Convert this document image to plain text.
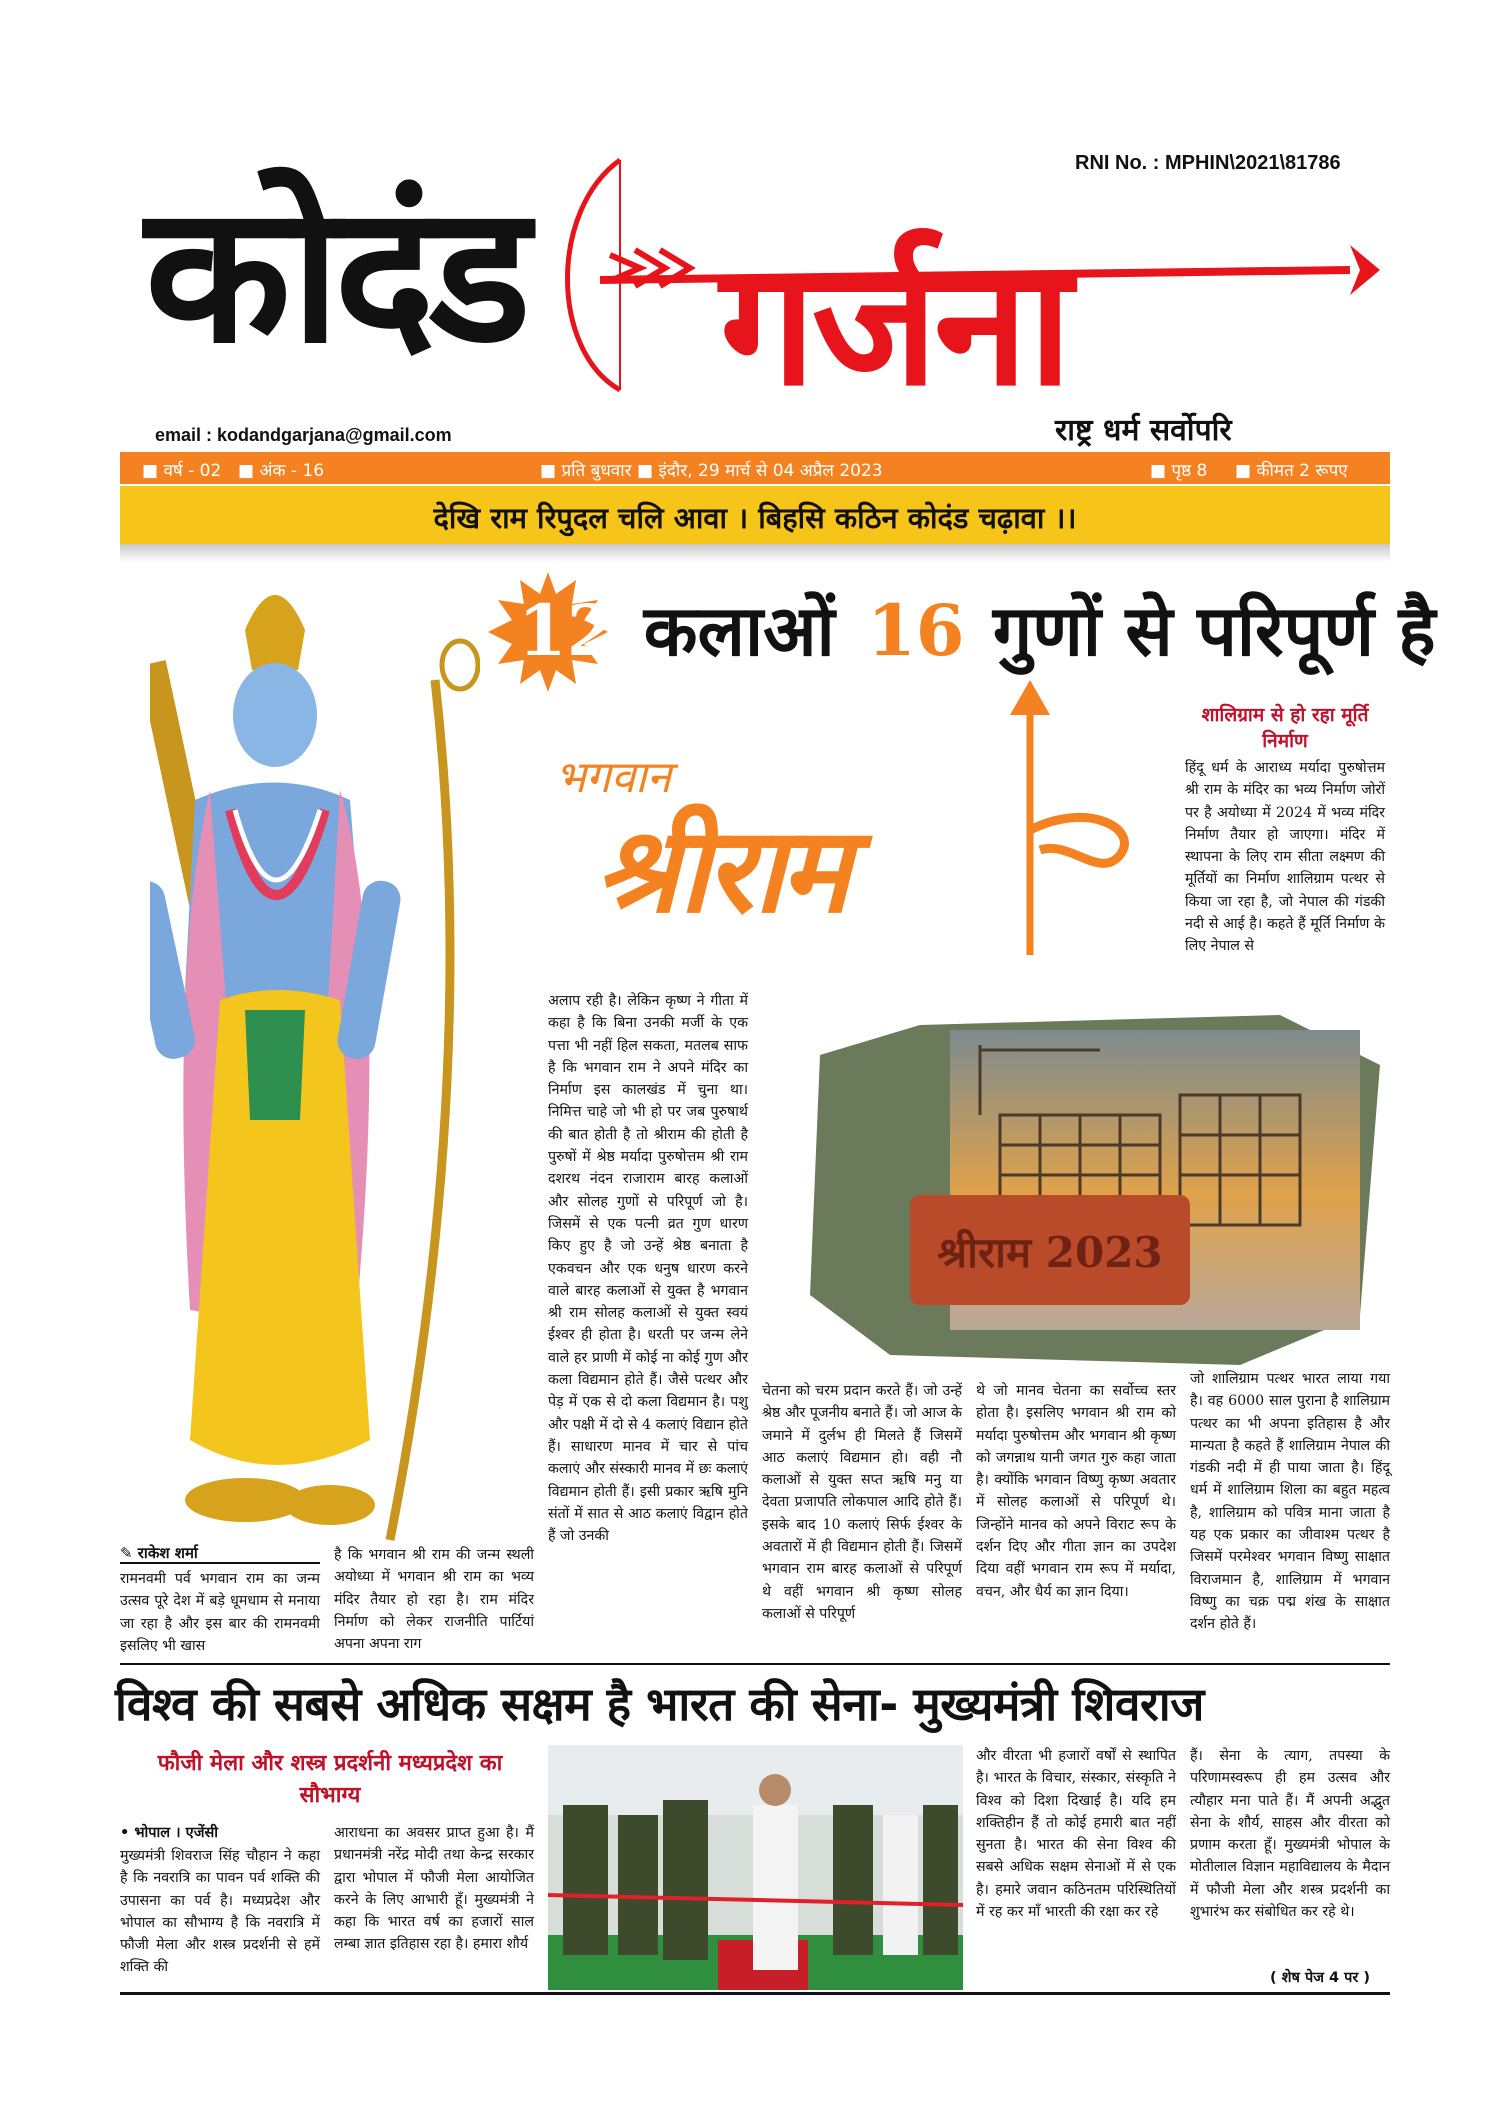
RNI No. : MPHIN\2021\81786
कोदंड गर्जना
राष्ट्र धर्म सर्वोपरि
email : kodandgarjana@gmail.com
■ वर्ष - 02 ■ अंक - 16	■ प्रति बुधवार ■ इंदौर, 29 मार्च से 04 अप्रैल 2023	■ पृष्ठ 8 ■ कीमत 2 रूपए
देखि राम रिपुदल चलि आवा । बिहसि कठिन कोदंड चढ़ावा ।।
12 कलाओं 16 गुणों से परिपूर्ण है
भगवान
श्रीराम
शालिग्राम से हो रहा मूर्ति निर्माण
हिंदू धर्म के आराध्य मर्यादा पुरुषोत्तम श्री राम के मंदिर का भव्य निर्माण जोरों पर है अयोध्या में 2024 में भव्य मंदिर निर्माण तैयार हो जाएगा। मंदिर में स्थापना के लिए राम सीता लक्ष्मण की मूर्तियों का निर्माण शालिग्राम पत्थर से किया जा रहा है, जो नेपाल की गंडकी नदी से आई है। कहते हैं मूर्ति निर्माण के लिए नेपाल से
अलाप रही है। लेकिन कृष्ण ने गीता में कहा है कि बिना उनकी मर्जी के एक पत्ता भी नहीं हिल सकता, मतलब साफ है कि भगवान राम ने अपने मंदिर का निर्माण इस कालखंड में चुना था। निमित्त चाहे जो भी हो पर जब पुरुषार्थ की बात होती है तो श्रीराम की होती है पुरुषों में श्रेष्ठ मर्यादा पुरुषोत्तम श्री राम दशरथ नंदन राजाराम बारह कलाओं और सोलह गुणों से परिपूर्ण जो है। जिसमें से एक पत्नी व्रत गुण धारण किए हुए है जो उन्हें श्रेष्ठ बनाता है एकवचन और एक धनुष धारण करने वाले बारह कलाओं से युक्त है भगवान श्री राम सोलह कलाओं से युक्त स्वयं ईश्वर ही होता है। धरती पर जन्म लेने वाले हर प्राणी में कोई ना कोई गुण और कला विद्यमान होते हैं। जैसे पत्थर और पेड़ में एक से दो कला विद्यमान है। पशु और पक्षी में दो से 4 कलाएं विद्यान होते हैं। साधारण मानव में चार से पांच कलाएं और संस्कारी मानव में छः कलाएं विद्यमान होती हैं। इसी प्रकार ऋषि मुनि संतों में सात से आठ कलाएं विद्वान होते हैं जो उनकी
श्रीराम 2023
✎ राकेश शर्मा
रामनवमी पर्व भगवान राम का जन्म उत्सव पूरे देश में बड़े धूमधाम से मनाया जा रहा है और इस बार की रामनवमी इसलिए भी खास
है कि भगवान श्री राम की जन्म स्थली अयोध्या में भगवान श्री राम का भव्य मंदिर तैयार हो रहा है। राम मंदिर निर्माण को लेकर राजनीति पार्टियां अपना अपना राग
चेतना को चरम प्रदान करते हैं। जो उन्हें श्रेष्ठ और पूजनीय बनाते हैं। जो आज के जमाने में दुर्लभ ही मिलते हैं जिसमें आठ कलाएं विद्यमान हो। वही नौ कलाओं से युक्त सप्त ऋषि मनु या देवता प्रजापति लोकपाल आदि होते हैं। इसके बाद 10 कलाएं सिर्फ ईश्वर के अवतारों में ही विद्यमान होती हैं। जिसमें भगवान राम बारह कलाओं से परिपूर्ण थे वहीं भगवान श्री कृष्ण सोलह कलाओं से परिपूर्ण
थे जो मानव चेतना का सर्वोच्च स्तर होता है। इसलिए भगवान श्री राम को मर्यादा पुरुषोत्तम और भगवान श्री कृष्ण को जगन्नाथ यानी जगत गुरु कहा जाता है। क्योंकि भगवान विष्णु कृष्ण अवतार में सोलह कलाओं से परिपूर्ण थे। जिन्होंने मानव को अपने विराट रूप के दर्शन दिए और गीता ज्ञान का उपदेश दिया वहीं भगवान राम रूप में मर्यादा, वचन, और धैर्य का ज्ञान दिया।
जो शालिग्राम पत्थर भारत लाया गया है। वह 6000 साल पुराना है शालिग्राम पत्थर का भी अपना इतिहास है और मान्यता है कहते हैं शालिग्राम नेपाल की गंडकी नदी में ही पाया जाता है। हिंदू धर्म में शालिग्राम शिला का बहुत महत्व है, शालिग्राम को पवित्र माना जाता है यह एक प्रकार का जीवाश्म पत्थर है जिसमें परमेश्वर भगवान विष्णु साक्षात विराजमान है, शालिग्राम में भगवान विष्णु का चक्र पद्म शंख के साक्षात दर्शन होते हैं।
विश्व की सबसे अधिक सक्षम है भारत की सेना- मुख्यमंत्री शिवराज
फौजी मेला और शस्त्र प्रदर्शनी मध्यप्रदेश का सौभाग्य
• भोपाल । एजेंसी
मुख्यमंत्री शिवराज सिंह चौहान ने कहा है कि नवरात्रि का पावन पर्व शक्ति की उपासना का पर्व है। मध्यप्रदेश और भोपाल का सौभाग्य है कि नवरात्रि में फौजी मेला और शस्त्र प्रदर्शनी से हमें शक्ति की
आराधना का अवसर प्राप्त हुआ है। मैं प्रधानमंत्री नरेंद्र मोदी तथा केन्द्र सरकार द्वारा भोपाल में फौजी मेला आयोजित करने के लिए आभारी हूँ। मुख्यमंत्री ने कहा कि भारत वर्ष का हजारों साल लम्बा ज्ञात इतिहास रहा है। हमारा शौर्य
और वीरता भी हजारों वर्षों से स्थापित है। भारत के विचार, संस्कार, संस्कृति ने विश्व को दिशा दिखाई है। यदि हम शक्तिहीन हैं तो कोई हमारी बात नहीं सुनता है। भारत की सेना विश्व की सबसे अधिक सक्षम सेनाओं में से एक है। हमारे जवान कठिनतम परिस्थितियों में रह कर माँ भारती की रक्षा कर रहे
हैं। सेना के त्याग, तपस्या के परिणामस्वरूप ही हम उत्सव और त्यौहार मना पाते हैं। मैं अपनी अद्भुत सेना के शौर्य, साहस और वीरता को प्रणाम करता हूँ। मुख्यमंत्री भोपाल के मोतीलाल विज्ञान महाविद्यालय के मैदान में फौजी मेला और शस्त्र प्रदर्शनी का शुभारंभ कर संबोधित कर रहे थे।
( शेष पेज 4 पर )
